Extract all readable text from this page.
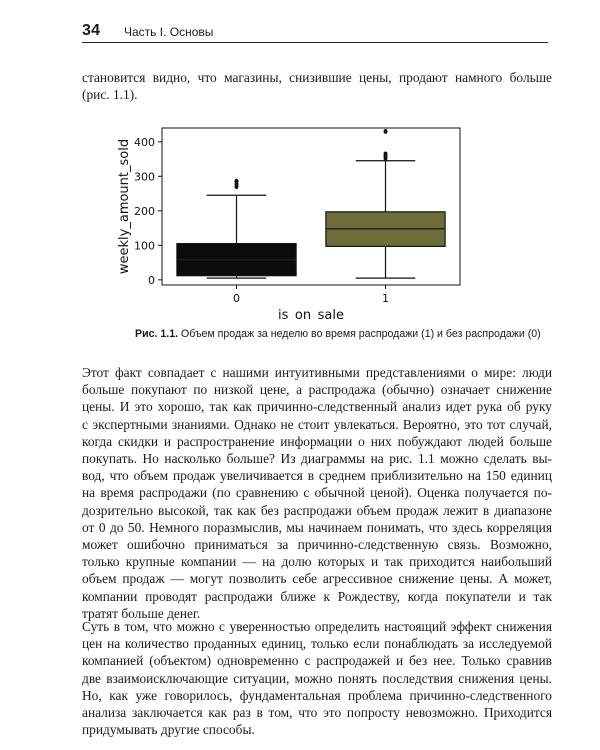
34 Часть I. Основы

становится видно, что магазины, снизившие цены, продают намного больше
(рис. 1.1).

0
100
200
300
400
0	1
is_on_sale
weekly_amount_sold
Рис. 1.1. Объем продаж за неделю во время распродажи (1) и без распродажи (0)

Этот факт совпадает с нашими интуитивными представлениями о мире: люди
больше покупают по низкой цене, а распродажа (обычно) означает снижение
цены. И это хорошо, так как причинно-следственный анализ идет рука об руку
с экспертными знаниями. Однако не стоит увлекаться. Вероятно, это тот случай,
когда скидки и распространение информации о них побуждают людей больше
покупать. Но насколько больше? Из диаграммы на рис. 1.1 можно сделать вы-
вод, что объем продаж увеличивается в среднем приблизительно на 150 единиц
на время распродажи (по сравнению с обычной ценой). Оценка получается по-
дозрительно высокой, так как без распродажи объем продаж лежит в диапазоне
от 0 до 50. Немного поразмыслив, мы начинаем понимать, что здесь корреляция
может ошибочно приниматься за причинно-следственную связь. Возможно,
только крупные компании — на долю которых и так приходится наибольший
объем продаж — могут позволить себе агрессивное снижение цены. А может,
компании проводят распродажи ближе к Рождеству, когда покупатели и так
тратят больше денег.

Суть в том, что можно с уверенностью определить настоящий эффект снижения
цен на количество проданных единиц, только если понаблюдать за исследуемой
компанией (объектом) одновременно с распродажей и без нее. Только сравнив
две взаимоисключающие ситуации, можно понять последствия снижения цены.
Но, как уже говорилось, фундаментальная проблема причинно-следственного
анализа заключается как раз в том, что это попросту невозможно. Приходится
придумывать другие способы.
